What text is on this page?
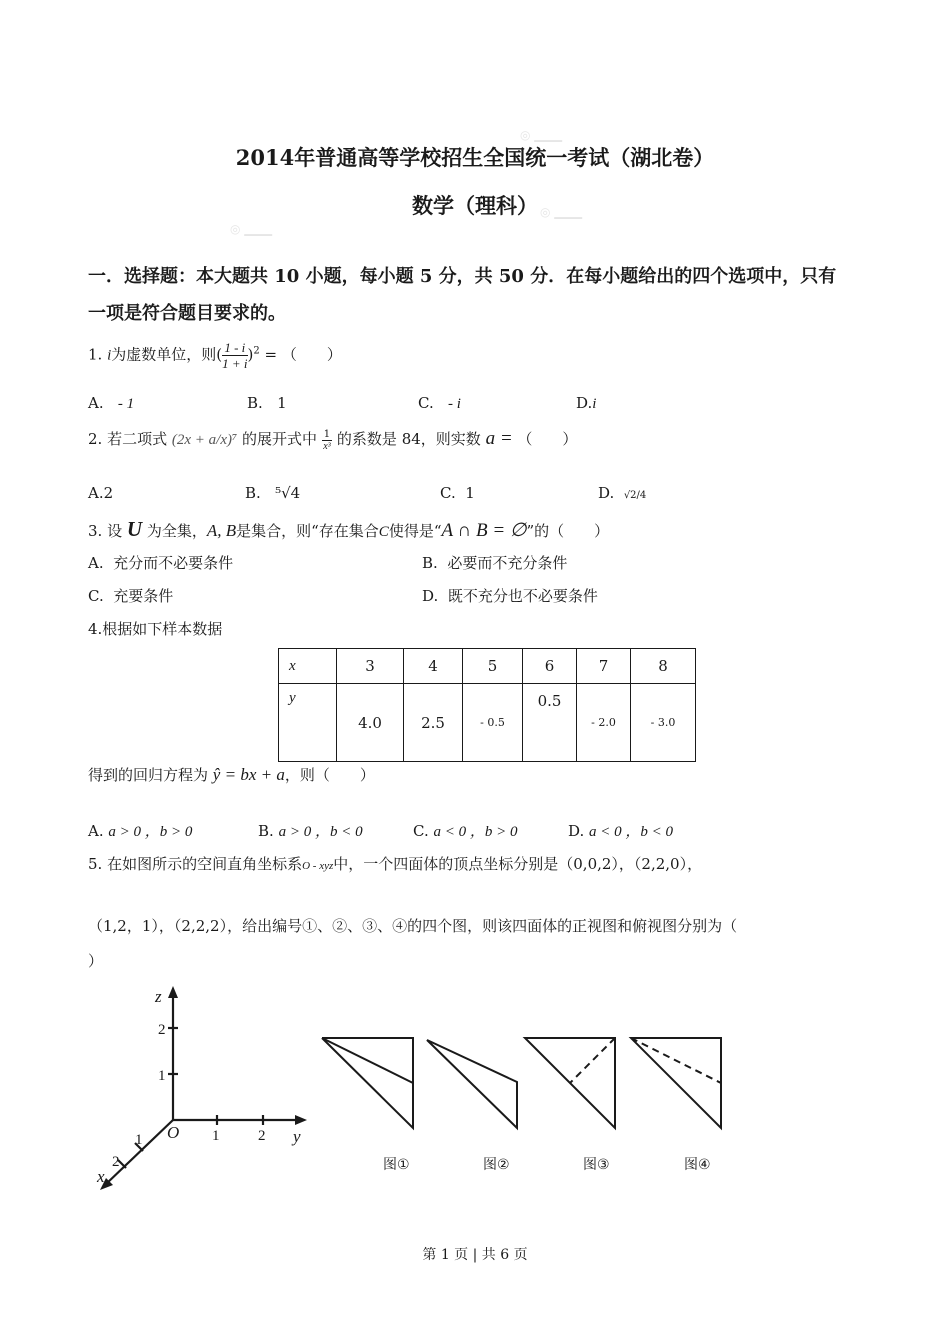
◎ ▁▁▁
◎ ▁▁▁
◎ ▁▁▁
2014年普通高等学校招生全国统一考试（湖北卷）
数学（理科）
一．选择题：本大题共 10 小题，每小题 5 分，共 50 分．在每小题给出的四个选项中，只有
一项是符合题目要求的。
1. i为虚数单位，则( $\frac{1 - i}{1 + i} )^2$ = （　　）
A. - 1	B. 1	C. - i	D.i
2. 若二项式 (2x + a/x)⁷ 的展开式中 $\frac{1}{\text{x³}}$ 的系数是 84，则实数 a = （　　）
A.2	B. ⁵√4	C. 1	D. √2/4
3. 设 U 为全集，A, B是集合，则“存在集合C使得是“A ∩ B = ∅”的（　　）
A. 充分而不必要条件	B. 必要而不充分条件
C. 充要条件	D. 既不充分也不必要条件
4.根据如下样本数据
x	3	4	5	6	7	8
y	4.0	2.5	- 0.5	0.5	- 2.0	- 3.0
得到的回归方程为 ŷ = bx + a，则（　　）
A. a > 0 ，b > 0	B. a > 0 ，b < 0	C. a < 0 ，b > 0	D. a < 0 ，b < 0
5. 在如图所示的空间直角坐标系O - xyz中，一个四面体的顶点坐标分别是（0,0,2），（2,2,0），
（1,2，1），（2,2,2），给出编号①、②、③、④的四个图，则该四面体的正视图和俯视图分别为（
）
z
y
x
O
2
1
1	2
1
2	图①	图②	图③	图④
第 1 页 | 共 6 页
